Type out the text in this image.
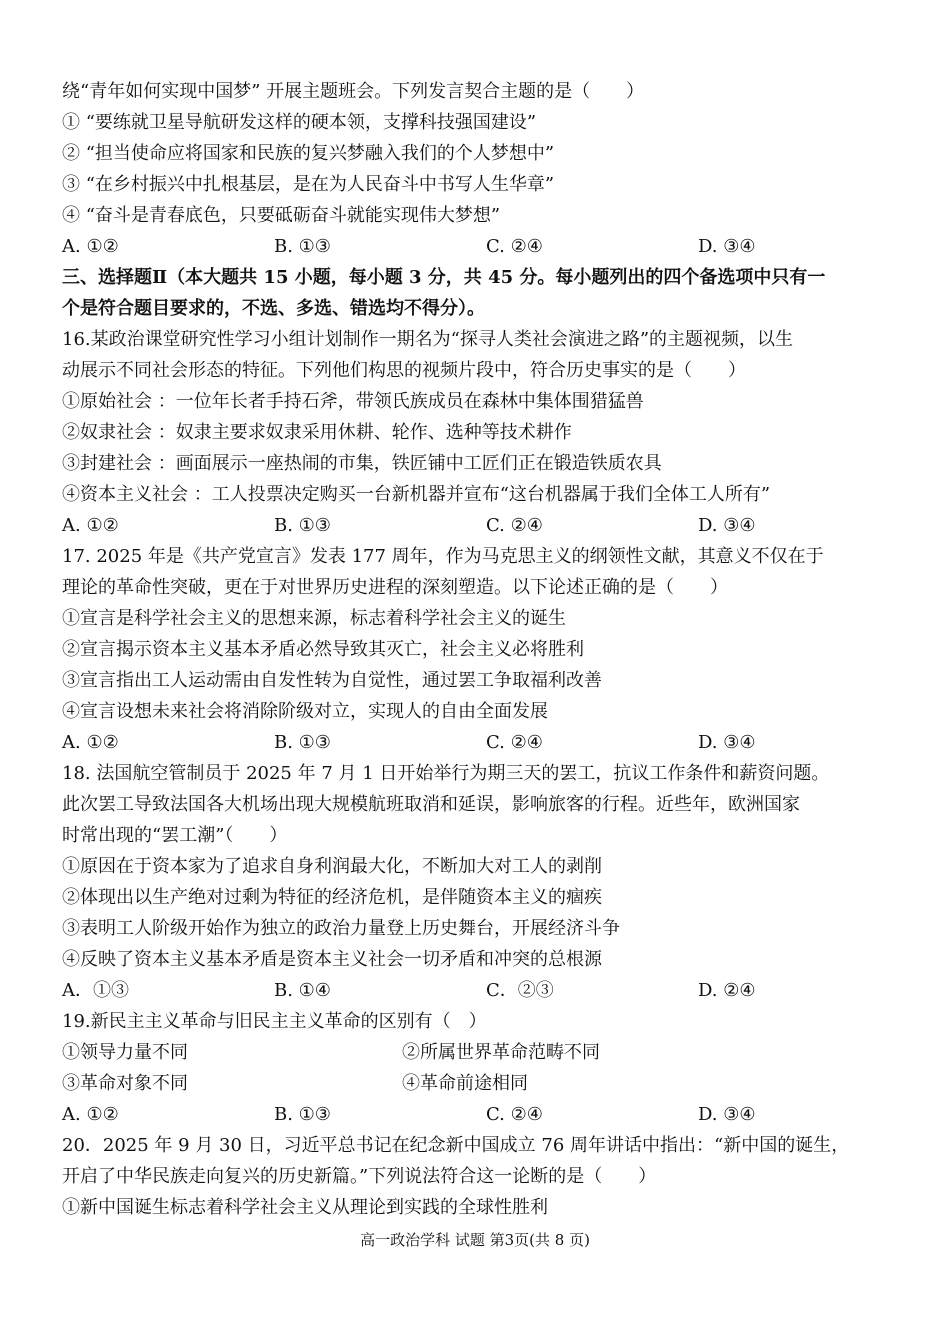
绕“青年如何实现中国梦” 开展主题班会。下列发言契合主题的是（　　）
① “要练就卫星导航研发这样的硬本领，支撑科技强国建设”
② “担当使命应将国家和民族的复兴梦融入我们的个人梦想中”
③ “在乡村振兴中扎根基层，是在为人民奋斗中书写人生华章”
④ “奋斗是青春底色，只要砥砺奋斗就能实现伟大梦想”
A. ①②	B. ①③	C. ②④	D. ③④
三、选择题Ⅱ（本大题共 15 小题，每小题 3 分，共 45 分。每小题列出的四个备选项中只有一
个是符合题目要求的，不选、多选、错选均不得分）。
16.某政治课堂研究性学习小组计划制作一期名为“探寻人类社会演进之路”的主题视频，以生
动展示不同社会形态的特征。下列他们构思的视频片段中，符合历史事实的是（　　）
①原始社会 ：一位年长者手持石斧，带领氏族成员在森林中集体围猎猛兽
②奴隶社会 ：奴隶主要求奴隶采用休耕、轮作、选种等技术耕作
③封建社会 ：画面展示一座热闹的市集，铁匠铺中工匠们正在锻造铁质农具
④资本主义社会 ：工人投票决定购买一台新机器并宣布“这台机器属于我们全体工人所有”
A. ①②	B. ①③	C. ②④	D. ③④
17. 2025 年是《共产党宣言》发表 177 周年，作为马克思主义的纲领性文献，其意义不仅在于
理论的革命性突破，更在于对世界历史进程的深刻塑造。以下论述正确的是（　　）
①宣言是科学社会主义的思想来源，标志着科学社会主义的诞生
②宣言揭示资本主义基本矛盾必然导致其灭亡，社会主义必将胜利
③宣言指出工人运动需由自发性转为自觉性，通过罢工争取福利改善
④宣言设想未来社会将消除阶级对立，实现人的自由全面发展
A. ①②	B. ①③	C. ②④	D. ③④
18. 法国航空管制员于 2025 年 7 月 1 日开始举行为期三天的罢工，抗议工作条件和薪资问题。
此次罢工导致法国各大机场出现大规模航班取消和延误，影响旅客的行程。近些年，欧洲国家
时常出现的“罢工潮”（　　）
①原因在于资本家为了追求自身利润最大化，不断加大对工人的剥削
②体现出以生产绝对过剩为特征的经济危机，是伴随资本主义的痼疾
③表明工人阶级开始作为独立的政治力量登上历史舞台，开展经济斗争
④反映了资本主义基本矛盾是资本主义社会一切矛盾和冲突的总根源
A．①③	B. ①④	C．②③	D. ②④
19.新民主主义革命与旧民主主义革命的区别有（　）
①领导力量不同	②所属世界革命范畴不同
③革命对象不同	④革命前途相同
A. ①②	B. ①③	C. ②④	D. ③④
20．2025 年 9 月 30 日，习近平总书记在纪念新中国成立 76 周年讲话中指出：“新中国的诞生，
开启了中华民族走向复兴的历史新篇。”下列说法符合这一论断的是（　　）
①新中国诞生标志着科学社会主义从理论到实践的全球性胜利
高一政治学科 试题 第3页(共 8 页)
